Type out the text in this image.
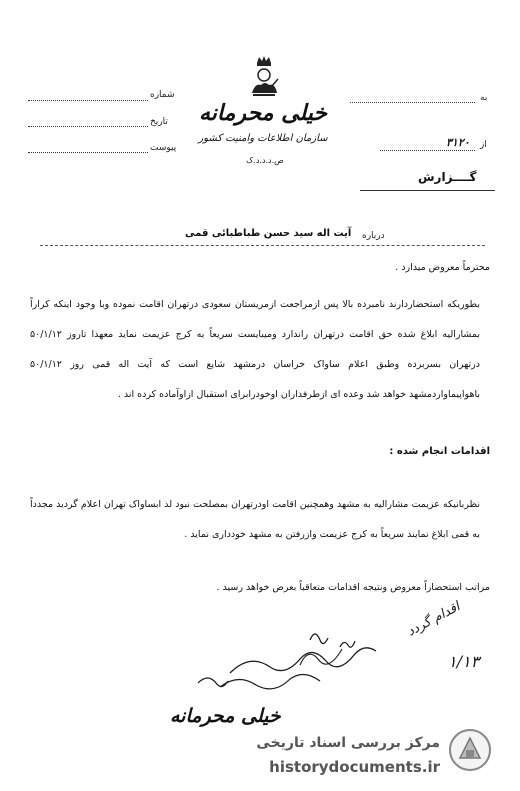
شماره
تاریخ
پیوست
به
از
۳۱۲۰
خیلی محرمانه
سازمان اطلاعات وامنیت کشور
ص.د.د.د.ک
گــــزارش
درباره
آیت اله سید حسن طباطبائی قمی
محترماً معروض میدارد .
بطوریکه استحضاردارند نامبرده بالا پس ازمراجعت ازمریستان سعودی درتهران اقامت نموده وبا وجود اینکه کراراً بمشارالیه ابلاغ شده حق اقامت درتهران راندارد ومیبایست سریعاً به کرج عزیمت نماید معهذا تاروز ۵۰/۱/۱۲ درتهران بسربرده وطبق اعلام ساواک خراسان درمشهد شایع است که آیت اله قمی روز ۵۰/۱/۱۲ باهواپیماواردمشهد خواهد شد وعده ای ازطرفداران اوخودرابرای استقبال ازاوآماده کرده اند .
اقدامات انجام شده :
نظربانیکه عزیمت مشارالیه به مشهد وهمچنین اقامت اودرتهران بمصلحت نبود لذ ابساواک تهران اعلام گردید مجدداً به قمی ابلاغ نمایند سریعاً به کرج عزیمت وازرفتن به مشهد خودداری نماید .
مراتب استحضاراً معروض ونتیجه اقدامات متعاقباً بعرض خواهد رسید .
اقدام گردد
۱/۱۳
خیلی محرمانه
مرکز بررسی اسناد تاریخی
historydocuments.ir
